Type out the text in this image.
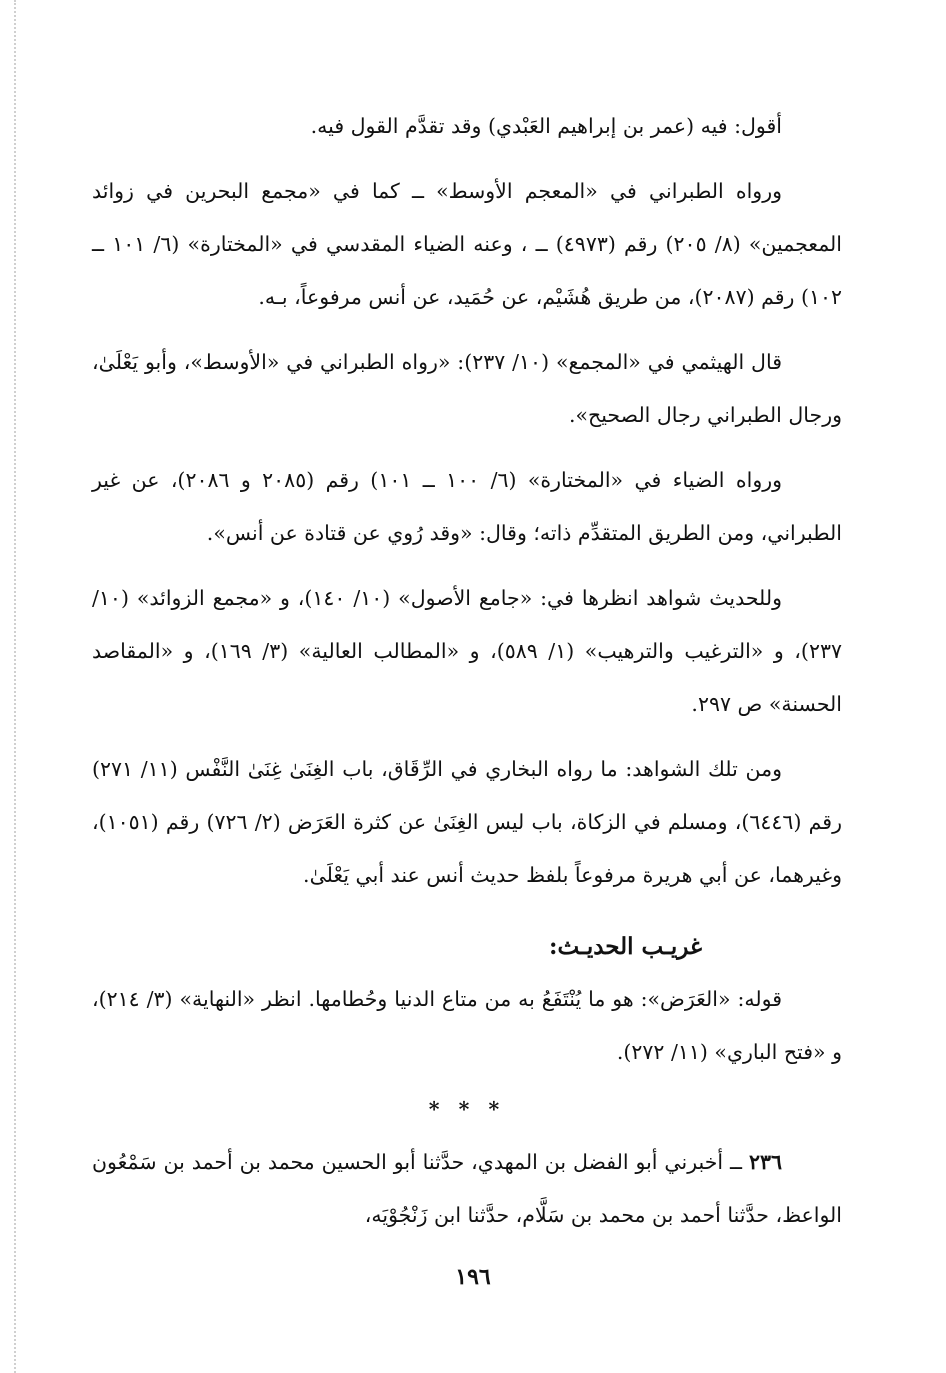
أقول: فيه (عمر بن إبراهيم العَبْدي) وقد تقدَّم القول فيه.

ورواه الطبراني في «المعجم الأوسط» ــ كما في «مجمع البحرين في زوائد المعجمين» (٨/ ٢٠٥) رقم (٤٩٧٣) ــ ، وعنه الضياء المقدسي في «المختارة» (٦/ ١٠١ ــ ١٠٢) رقم (٢٠٨٧)، من طريق هُشَيْم، عن حُمَيد، عن أنس مرفوعاً، بـه.

قال الهيثمي في «المجمع» (١٠/ ٢٣٧): «رواه الطبراني في «الأوسط»، وأبو يَعْلَىٰ، ورجال الطبراني رجال الصحيح».

ورواه الضياء في «المختارة» (٦/ ١٠٠ ــ ١٠١) رقم (٢٠٨٥ و ٢٠٨٦)، عن غير الطبراني، ومن الطريق المتقدِّم ذاته؛ وقال: «وقد رُوي عن قتادة عن أنس».

وللحديث شواهد انظرها في: «جامع الأصول» (١٠/ ١٤٠)، و «مجمع الزوائد» (١٠/ ٢٣٧)، و «الترغيب والترهيب» (١/ ٥٨٩)، و «المطالب العالية» (٣/ ١٦٩)، و «المقاصد الحسنة» ص ٢٩٧.

ومن تلك الشواهد: ما رواه البخاري في الرِّقَاق، باب الغِنَىٰ غِنَىٰ النَّفْس (١١/ ٢٧١) رقم (٦٤٤٦)، ومسلم في الزكاة، باب ليس الغِنَىٰ عن كثرة العَرَض (٢/ ٧٢٦) رقم (١٠٥١)، وغيرهما، عن أبي هريرة مرفوعاً بلفظ حديث أنس عند أبي يَعْلَىٰ.

غريـب الحديـث:

قوله: «العَرَض»: هو ما يُنْتَفَعُ به من متاع الدنيا وحُطامها. انظر «النهاية» (٣/ ٢١٤)، و «فتح الباري» (١١/ ٢٧٢).

* * *

٢٣٦ ــ أخبرني أبو الفضل بن المهدي، حدَّثنا أبو الحسين محمد بن أحمد بن سَمْعُون الواعظ، حدَّثنا أحمد بن محمد بن سَلَّام، حدَّثنا ابن زَنْجُوْيَه،

١٩٦
